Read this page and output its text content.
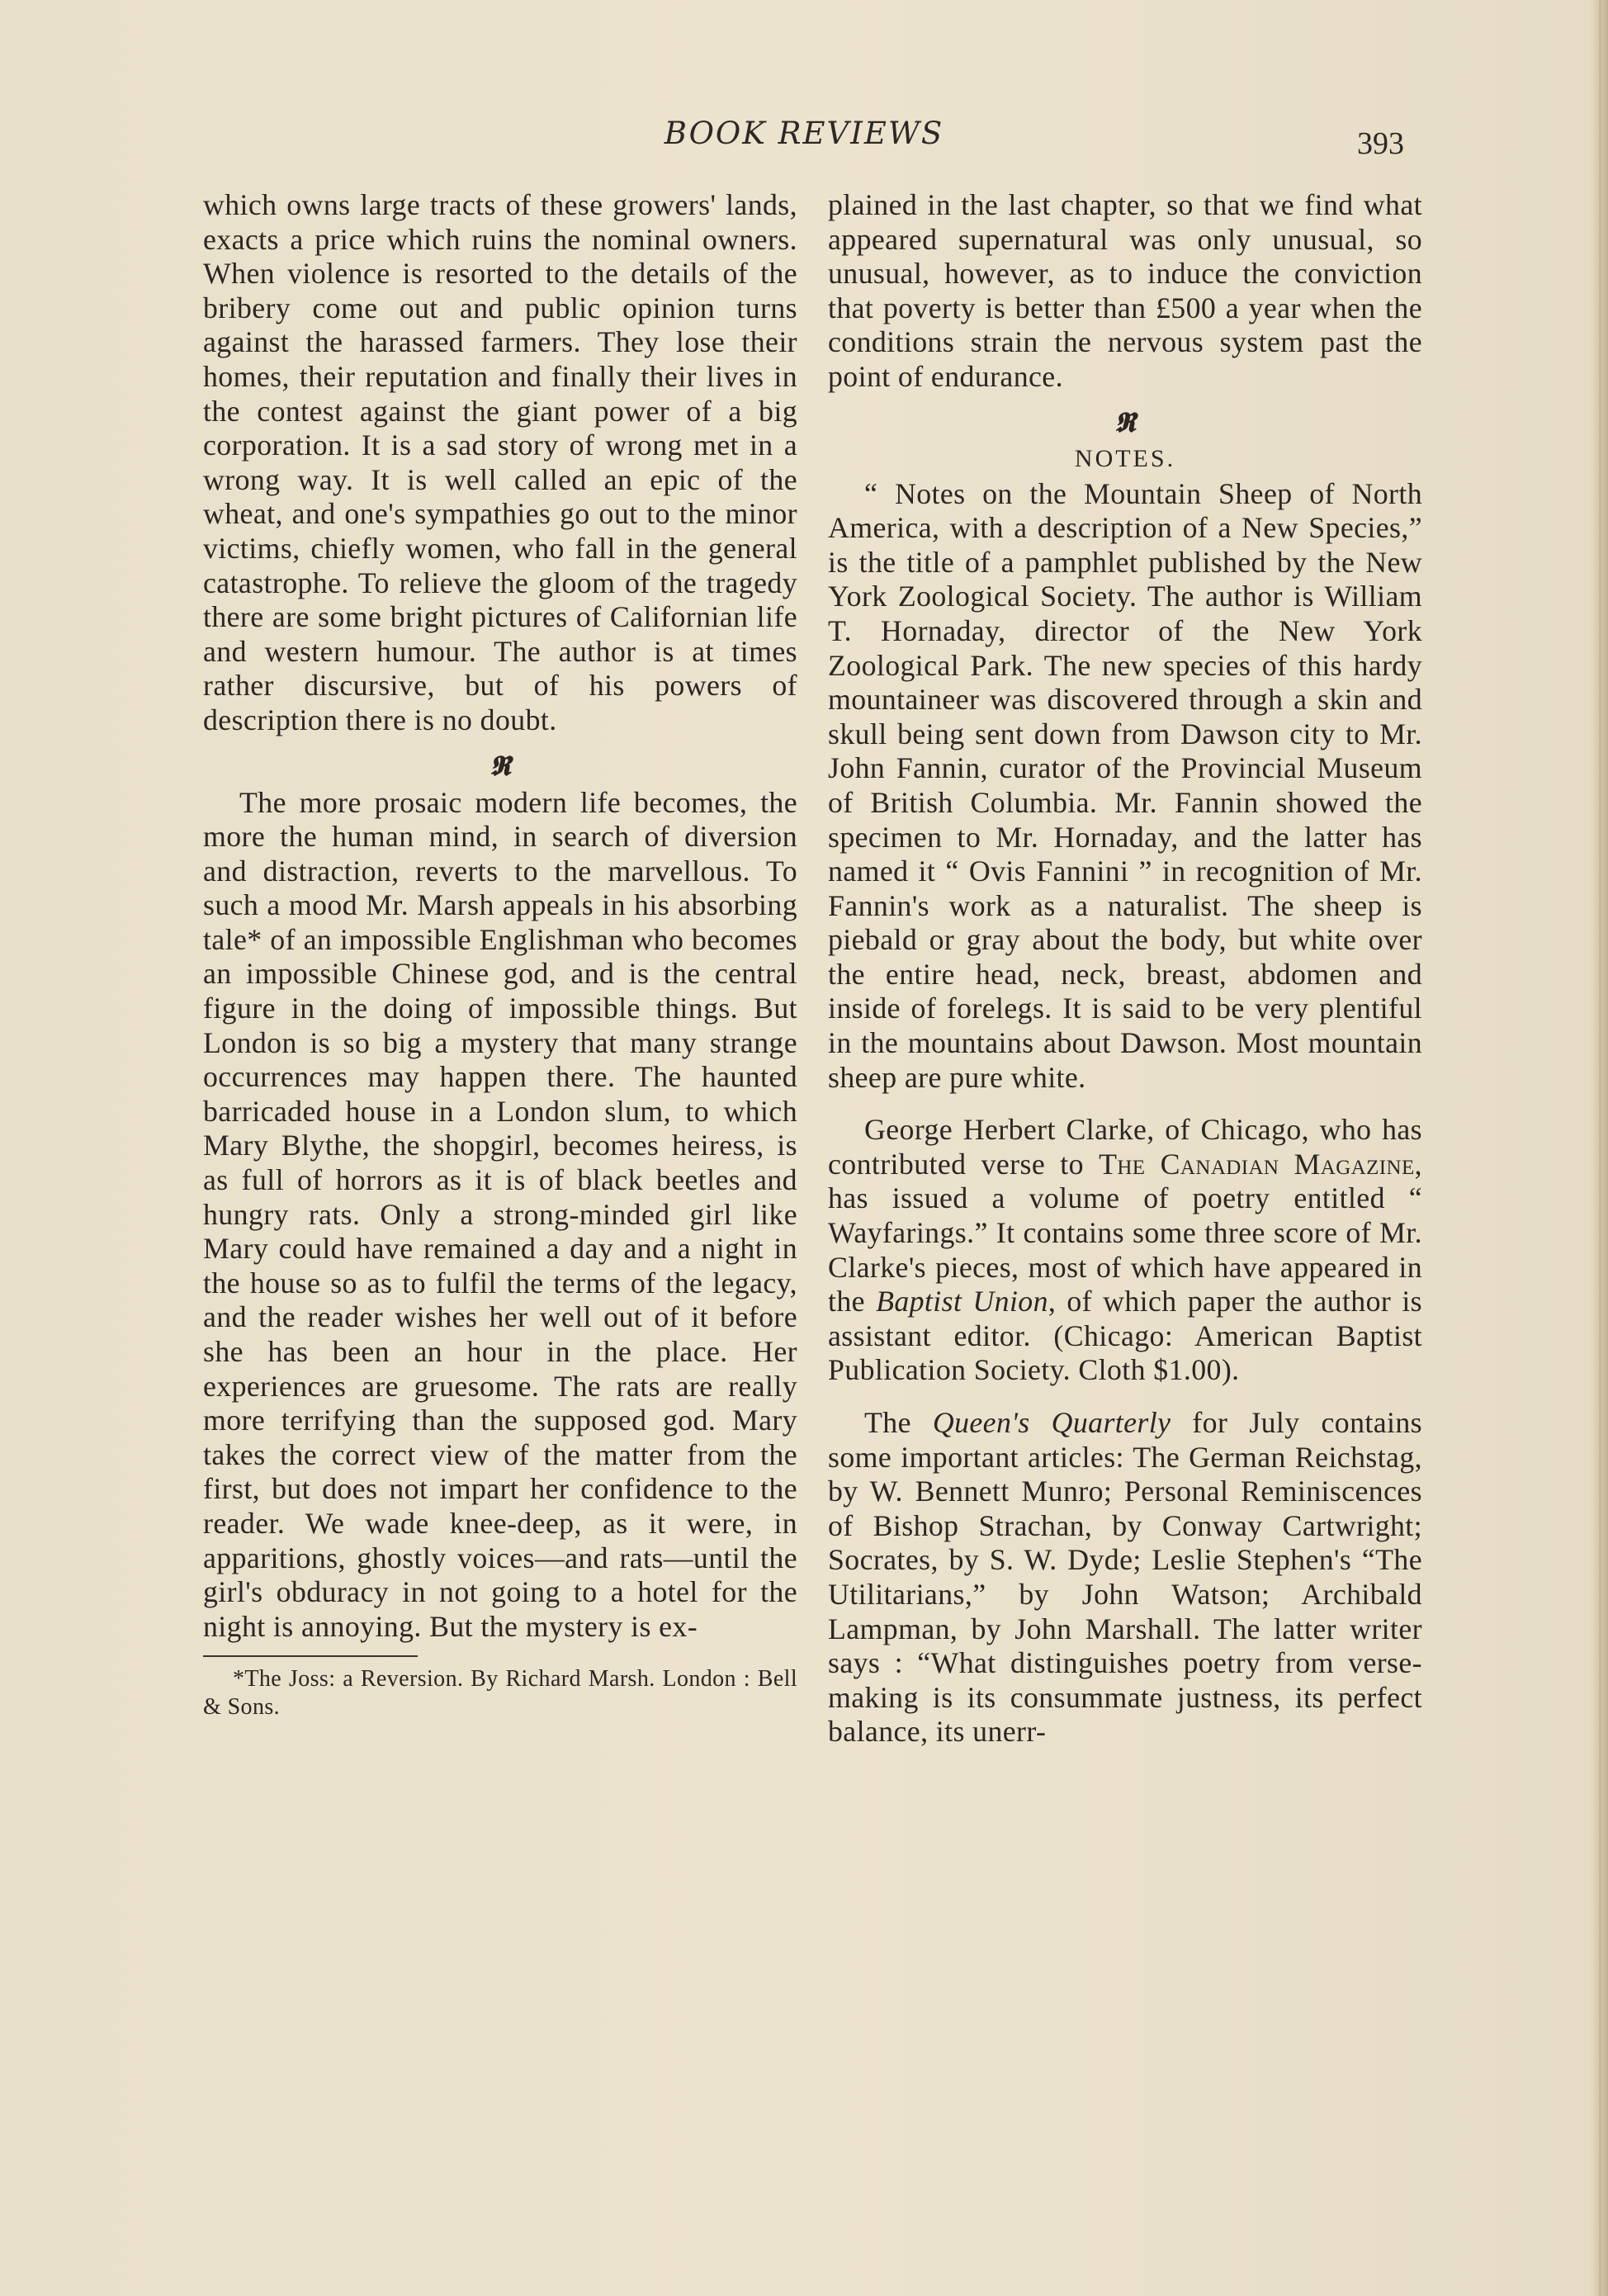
BOOK REVIEWS	393

which owns large tracts of these growers' lands, exacts a price which ruins the nominal owners. When violence is resorted to the details of the bribery come out and public opinion turns against the harassed farmers. They lose their homes, their reputation and finally their lives in the contest against the giant power of a big corporation. It is a sad story of wrong met in a wrong way. It is well called an epic of the wheat, and one's sympathies go out to the minor victims, chiefly women, who fall in the general catastrophe. To relieve the gloom of the tragedy there are some bright pictures of Californian life and western humour. The author is at times rather discursive, but of his powers of description there is no doubt.

𝕽

The more prosaic modern life becomes, the more the human mind, in search of diversion and distraction, reverts to the marvellous. To such a mood Mr. Marsh appeals in his absorbing tale* of an impossible Englishman who becomes an impossible Chinese god, and is the central figure in the doing of impossible things. But London is so big a mystery that many strange occurrences may happen there. The haunted barricaded house in a London slum, to which Mary Blythe, the shopgirl, becomes heiress, is as full of horrors as it is of black beetles and hungry rats. Only a strong-minded girl like Mary could have remained a day and a night in the house so as to fulfil the terms of the legacy, and the reader wishes her well out of it before she has been an hour in the place. Her experiences are gruesome. The rats are really more terrifying than the supposed god. Mary takes the correct view of the matter from the first, but does not impart her confidence to the reader. We wade knee-deep, as it were, in apparitions, ghostly voices—and rats—until the girl's obduracy in not going to a hotel for the night is annoying. But the mystery is ex-

*The Joss: a Reversion. By Richard Marsh. London : Bell & Sons.

plained in the last chapter, so that we find what appeared supernatural was only unusual, so unusual, however, as to induce the conviction that poverty is better than £500 a year when the conditions strain the nervous system past the point of endurance.

𝕽
NOTES.

“ Notes on the Mountain Sheep of North America, with a description of a New Species,” is the title of a pamphlet published by the New York Zoological Society. The author is William T. Hornaday, director of the New York Zoological Park. The new species of this hardy mountaineer was discovered through a skin and skull being sent down from Dawson city to Mr. John Fannin, curator of the Provincial Museum of British Columbia. Mr. Fannin showed the specimen to Mr. Hornaday, and the latter has named it “ Ovis Fannini ” in recognition of Mr. Fannin's work as a naturalist. The sheep is piebald or gray about the body, but white over the entire head, neck, breast, abdomen and inside of forelegs. It is said to be very plentiful in the mountains about Dawson. Most mountain sheep are pure white.

George Herbert Clarke, of Chicago, who has contributed verse to The Canadian Magazine, has issued a volume of poetry entitled “ Wayfarings.” It contains some three score of Mr. Clarke's pieces, most of which have appeared in the Baptist Union, of which paper the author is assistant editor. (Chicago: American Baptist Publication Society. Cloth $1.00).

The Queen's Quarterly for July contains some important articles: The German Reichstag, by W. Bennett Munro; Personal Reminiscences of Bishop Strachan, by Conway Cartwright; Socrates, by S. W. Dyde; Leslie Stephen's “The Utilitarians,” by John Watson; Archibald Lampman, by John Marshall. The latter writer says : “What distinguishes poetry from verse-making is its consummate justness, its perfect balance, its unerr-
